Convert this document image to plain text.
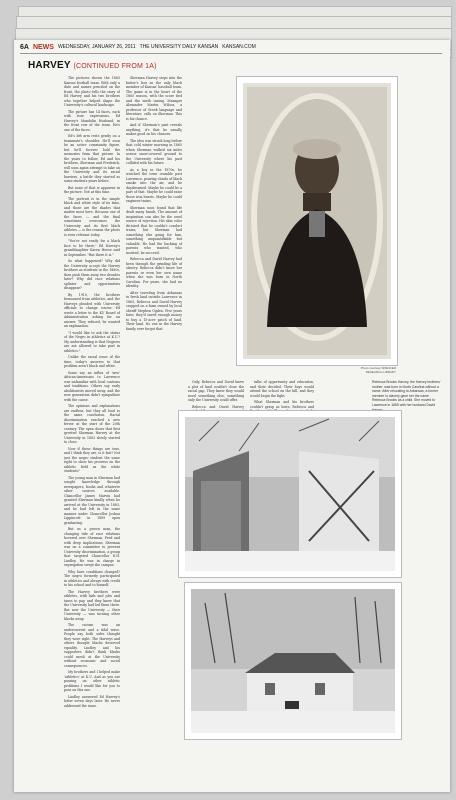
6A NEWS WEDNESDAY, JANUARY 26, 2011 THE UNIVERSITY DAILY KANSAN KANSAN.COM
HARVEY (CONTINUED FROM 1A)

The pictures shown the 1865 Kansas football team. With only a date and names penciled on the front, the photo tells the story of Ed Harvey and his two brothers who together helped shape the University's cultural landscape.

The picture has 14 faces, each with stoic expressions. Ed Harvey's Mandolin Husband, in the front row of the team. He's one of the faces.

Ed's left arm rests gently on a teammate's shoulder. He'll soon be an active community figure, but he'll forever hold the memories from that picture. In the years to follow, Ed and his brothers, Sherman and Frederick, will soon again attempt to take on the University and its racial barriers, a battle they started as some students years before.

But none of that is apparent in the picture. Not at this time.

The portrait is in the simple black and white style of its time, and those are the shades that matter most here. Because one of the faces — and the final sometimes overcomes the University and its first black athletes — is the reason the photo is even relevant today.

"You're not ready for a black face to be there," Ed Harvey's granddaughter Karen Heese said in September. "But there it is."

So what happened? Why did the University accept the Harvey brothers as students in the 1880s, then push them away two decades later? Why did race relations splinter and opportunities disappear?

By 1910, the brothers bemoaned from athletics, and the Harveys pleaded with University officials to change course. Ed wrote a letter to the KU Board of Administration asking for an answer. They refused, he wanted an explanation.

"I would like to ask the status of the Negro in athletics at K.U.? My understanding is that Negroes are not allowed to take part in athletics."

Unlike the racial issue of the time, today's answers to that problem aren't black and white.

Some say an influx of 'new' African-Americans to Lawrence was unfamiliar with local customs and traditions. Others say early abolitionists moved away, and the new generation didn't sympathize with the cause.

The opinions and explanations are endless, but they all lead to the same conclusion. Racial discrimination reached a new fervor at the start of the 20th century. The open doors that first greeted Sherman Harvey at the University in 1883 slowly started to close.

Now if these things are true, and I think they are, is it fair? Not just the negro student the same right to show his prowess on the athletic field as the white students?

The young man in Sherman had sought knowledge through newspapers, books and whatever other sources available. Chancellor James Marvin had granted Sherman kindly when he arrived at the University in 1883, and he had left in the same manner under Chancellor Joshua Lippincott in 1889 upon graduating.

But as a grown man, the changing tide of race relations hovered over Sherman, Fred and with deep implications. Sherman was on a committee to prevent University discrimination, a group that targeted Chancellor E.H. Lindley. He was in charge in segregation swept the campus.

Why have conditions changed? The negro formerly participated in athletics and always with credit to his school and to himself.

The Harvey brothers were athletes, with kids and jobs and taxes to pay, and they knew that the University had led them there. But now the University — their University — was turning other blacks away.

The racism was an undercurrent and a tidal wave. People say both sides thought they were right. The Harveys and others thought blacks deserved equality. Lindley and his supporters didn't think blacks could mesh at the University without economic and social consequences.

My brothers and I helped make 'athletics' at K.U. And as you are passing on other athletic problems I would like for you to pass on this one.

Lindley answered Ed Harvey's letter seven days later. He never addressed the issue.

Sherman Harvey steps into the batter's box as the only black member of Kansas' baseball team. The game is in the heart of the 1885 season, with the score tied and the ninth inning. Manager Alexander Martin Wilcox, a professor of Greek language and literature, calls on Sherman. This is his chance.

And if Sherman's past reveals anything, it's that he usually makes good on his chances.

The idea was struck long before that cold winter morning in 1865 when Sherman walked six miles across snow-covered ground to the University where his past collided with his future.

As a boy in the 1870s, he watched the town crumble past Lawrence, pouring clouds of black smoke into the air, and he daydreamed. Maybe he could be a part of that. Maybe he could raise those iron beasts. Maybe he could engineer trains.

Sherman soon found that life dealt many hands. The amount of inspiration can also be the cruel source of rejection. His skin color dictated that he couldn't conduct trains, but Sherman had something else going for him, something unquantifiable but valuable. He had the backing of parents who wanted, who insisted, he succeed.

Rebecca and David Harvey had been through the grinding life of slavery. Rebecca didn't know her parents or even her own name when she was born in North Carolina. For years, she had no identity.

After traveling from Arkansas to fresh land outside Lawrence in 1865, Rebecca and David Harvey cropped on a farm owned by local sheriff Stephen Ogden. Five years later, they'd saved enough money to buy a 15-acre patch of land. Their land. No one in the Harvey family ever forgot that.

Only, Rebecca and David knew a plot of land couldn't close the racial gap. They knew they would need something else, something only the University could offer.

Rebecca and David Harvey

talks of opportunity and education, and their decided. Their boys would attend the school on the hill, and they would begin the fight.

What Sherman and his brothers couldn't grasp as heirs, Rebecca and

Photo courtesy SPENCER RESEARCH LIBRARY
Rebecca Brooks Harvey, the Harvey brothers' mother, was born in North Carolina without a name. After relocating to Arkansas, a former member in slavery gave her the name Rebecca Brooks as a child. She moved to Lawrence in 1865 with her husband David
